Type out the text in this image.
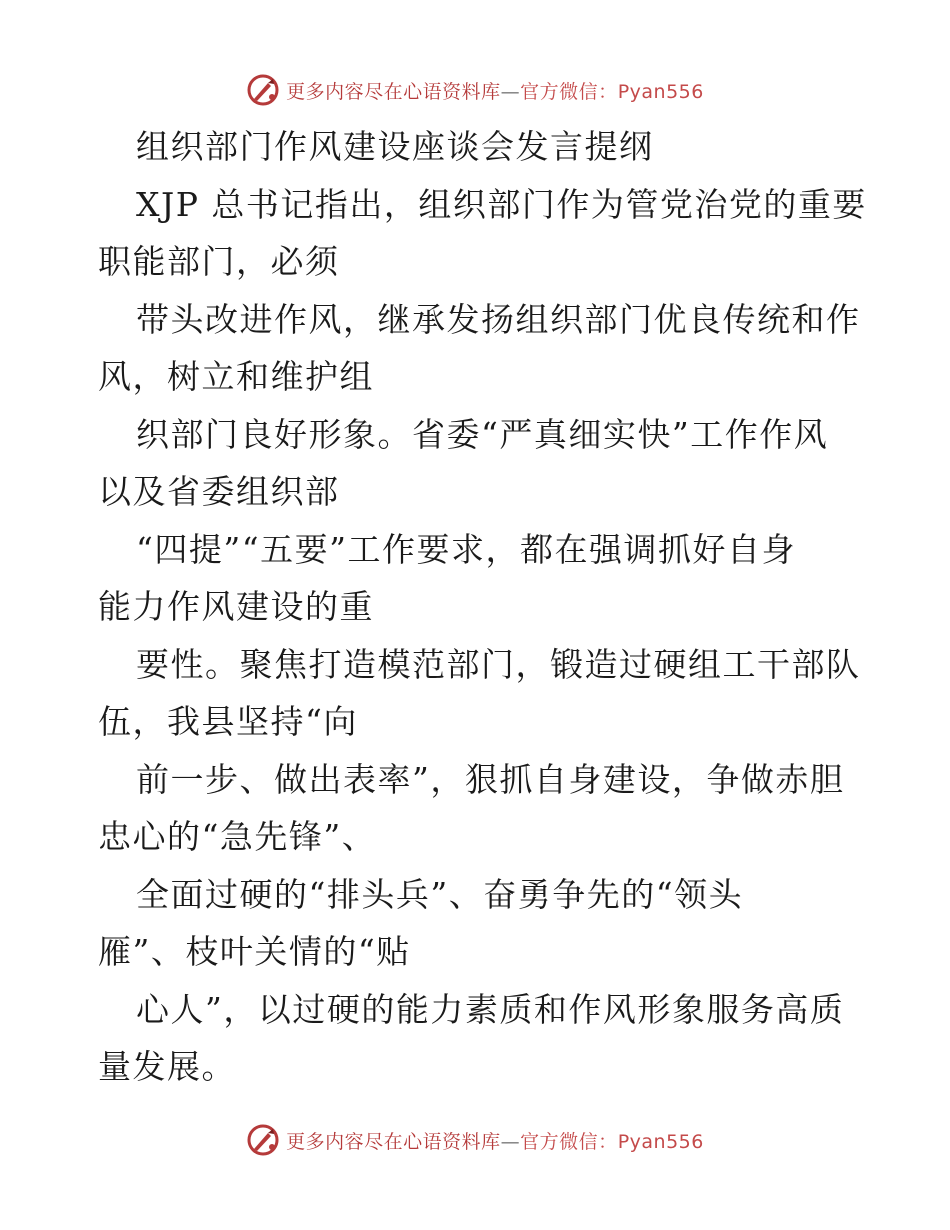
更多内容尽在心语资料库—官方微信：Pyan556
组织部门作风建设座谈会发言提纲
XJP 总书记指出，组织部门作为管党治党的重要
职能部门，必须
带头改进作风，继承发扬组织部门优良传统和作
风，树立和维护组
织部门良好形象。省委“严真细实快”工作作风
以及省委组织部
“四提”“五要”工作要求，都在强调抓好自身
能力作风建设的重
要性。聚焦打造模范部门，锻造过硬组工干部队
伍，我县坚持“向
前一步、做出表率”，狠抓自身建设，争做赤胆
忠心的“急先锋”、
全面过硬的“排头兵”、奋勇争先的“领头
雁”、枝叶关情的“贴
心人”，以过硬的能力素质和作风形象服务高质
量发展。
更多内容尽在心语资料库—官方微信：Pyan556
